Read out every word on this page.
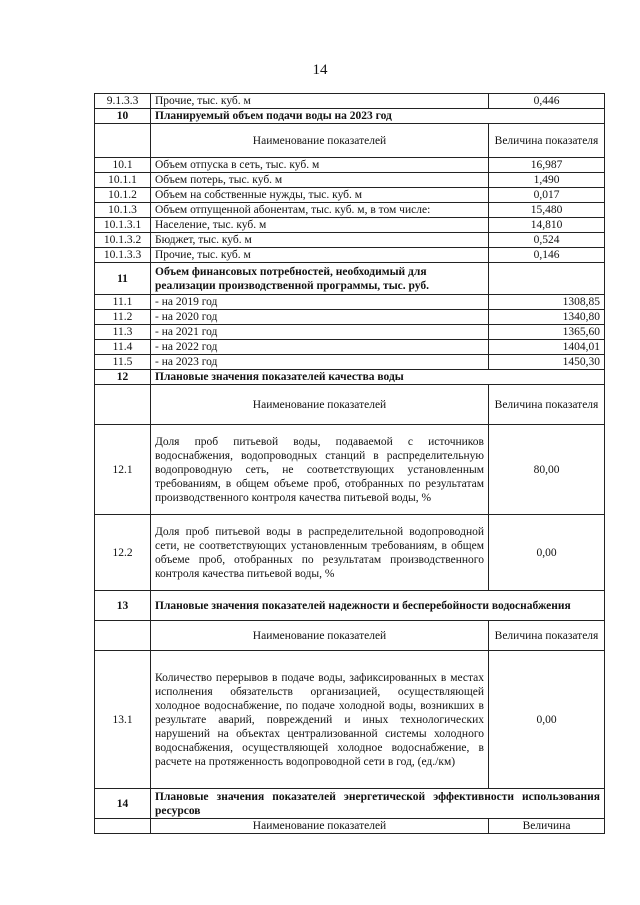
14
9.1.3.3	Прочие, тыс. куб. м	0,446
10	Планируемый объем подачи воды на 2023 год	
	Наименование показателей	Величина показателя
10.1	Объем отпуска в сеть, тыс. куб. м	16,987
10.1.1	Объем потерь, тыс. куб. м	1,490
10.1.2	Объем на собственные нужды, тыс. куб. м	0,017
10.1.3	Объем отпущенной абонентам, тыс. куб. м, в том числе:	15,480
10.1.3.1	Население, тыс. куб. м	14,810
10.1.3.2	Бюджет, тыс. куб. м	0,524
10.1.3.3	Прочие, тыс. куб. м	0,146
11	Объем финансовых потребностей, необходимый для реализации производственной программы, тыс. руб.	
11.1	- на 2019 год	1308,85
11.2	- на 2020 год	1340,80
11.3	- на 2021 год	1365,60
11.4	- на 2022 год	1404,01
11.5	- на 2023 год	1450,30
12	Плановые значения показателей качества воды	
	Наименование показателей	Величина показателя
12.1	Доля проб питьевой воды, подаваемой с источников водоснабжения, водопроводных станций в распределительную водопроводную сеть, не соответствующих установленным требованиям, в общем объеме проб, отобранных по результатам производственного контроля качества питьевой воды, %	80,00
12.2	Доля проб питьевой воды в распределительной водопроводной сети, не соответствующих установленным требованиям, в общем объеме проб, отобранных по результатам производственного контроля качества питьевой воды, %	0,00
13	Плановые значения показателей надежности и бесперебойности водоснабжения	
	Наименование показателей	Величина показателя
13.1	Количество перерывов в подаче воды, зафиксированных в местах исполнения обязательств организацией, осуществляющей холодное водоснабжение, по подаче холодной воды, возникших в результате аварий, повреждений и иных технологических нарушений на объектах централизованной системы холодного водоснабжения, осуществляющей холодное водоснабжение, в расчете на протяженность водопроводной сети в год, (ед./км)	0,00
14	Плановые значения показателей энергетической эффективности использования ресурсов	
	Наименование показателей	Величина
